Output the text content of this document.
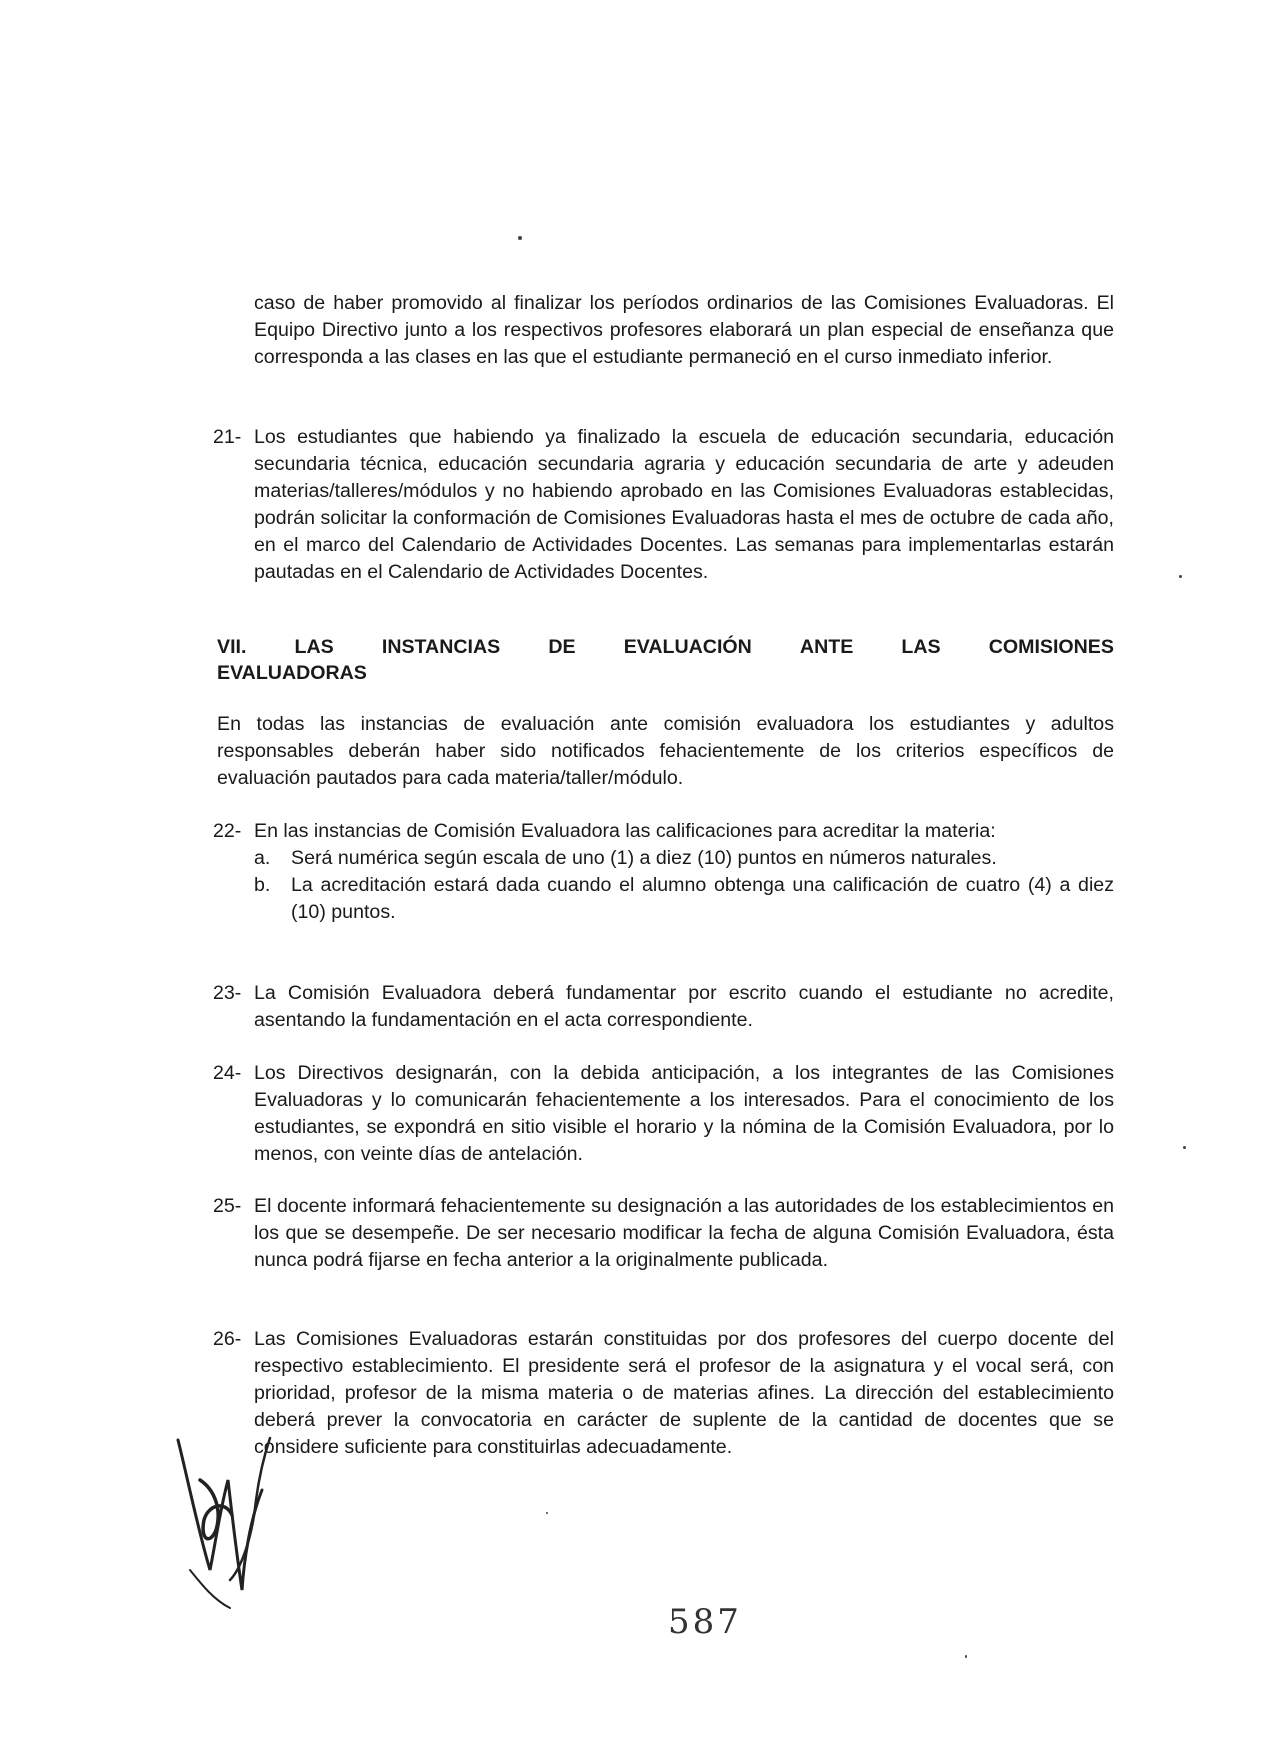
caso de haber promovido al finalizar los períodos ordinarios de las Comisiones Evaluadoras. El Equipo Directivo junto a los respectivos profesores elaborará un plan especial de enseñanza que corresponda a las clases en las que el estudiante permaneció en el curso inmediato inferior.

21- Los estudiantes que habiendo ya finalizado la escuela de educación secundaria, educación secundaria técnica, educación secundaria agraria y educación secundaria de arte y adeuden materias/talleres/módulos y no habiendo aprobado en las Comisiones Evaluadoras establecidas, podrán solicitar la conformación de Comisiones Evaluadoras hasta el mes de octubre de cada año, en el marco del Calendario de Actividades Docentes. Las semanas para implementarlas estarán pautadas en el Calendario de Actividades Docentes.

VII. LAS INSTANCIAS DE EVALUACIÓN ANTE LAS COMISIONES
EVALUADORAS

En todas las instancias de evaluación ante comisión evaluadora los estudiantes y adultos responsables deberán haber sido notificados fehacientemente de los criterios específicos de evaluación pautados para cada materia/taller/módulo.

22- En las instancias de Comisión Evaluadora las calificaciones para acreditar la materia:

a. Será numérica según escala de uno (1) a diez (10) puntos en números naturales.
b. La acreditación estará dada cuando el alumno obtenga una calificación de cuatro (4) a diez (10) puntos.
23- La Comisión Evaluadora deberá fundamentar por escrito cuando el estudiante no acredite, asentando la fundamentación en el acta correspondiente.

24- Los Directivos designarán, con la debida anticipación, a los integrantes de las Comisiones Evaluadoras y lo comunicarán fehacientemente a los interesados. Para el conocimiento de los estudiantes, se expondrá en sitio visible el horario y la nómina de la Comisión Evaluadora, por lo menos, con veinte días de antelación.

25- El docente informará fehacientemente su designación a las autoridades de los establecimientos en los que se desempeñe. De ser necesario modificar la fecha de alguna Comisión Evaluadora, ésta nunca podrá fijarse en fecha anterior a la originalmente publicada.

26- Las Comisiones Evaluadoras estarán constituidas por dos profesores del cuerpo docente del respectivo establecimiento. El presidente será el profesor de la asignatura y el vocal será, con prioridad, profesor de la misma materia o de materias afines. La dirección del establecimiento deberá prever la convocatoria en carácter de suplente de la cantidad de docentes que se considere suficiente para constituirlas adecuadamente.

587
